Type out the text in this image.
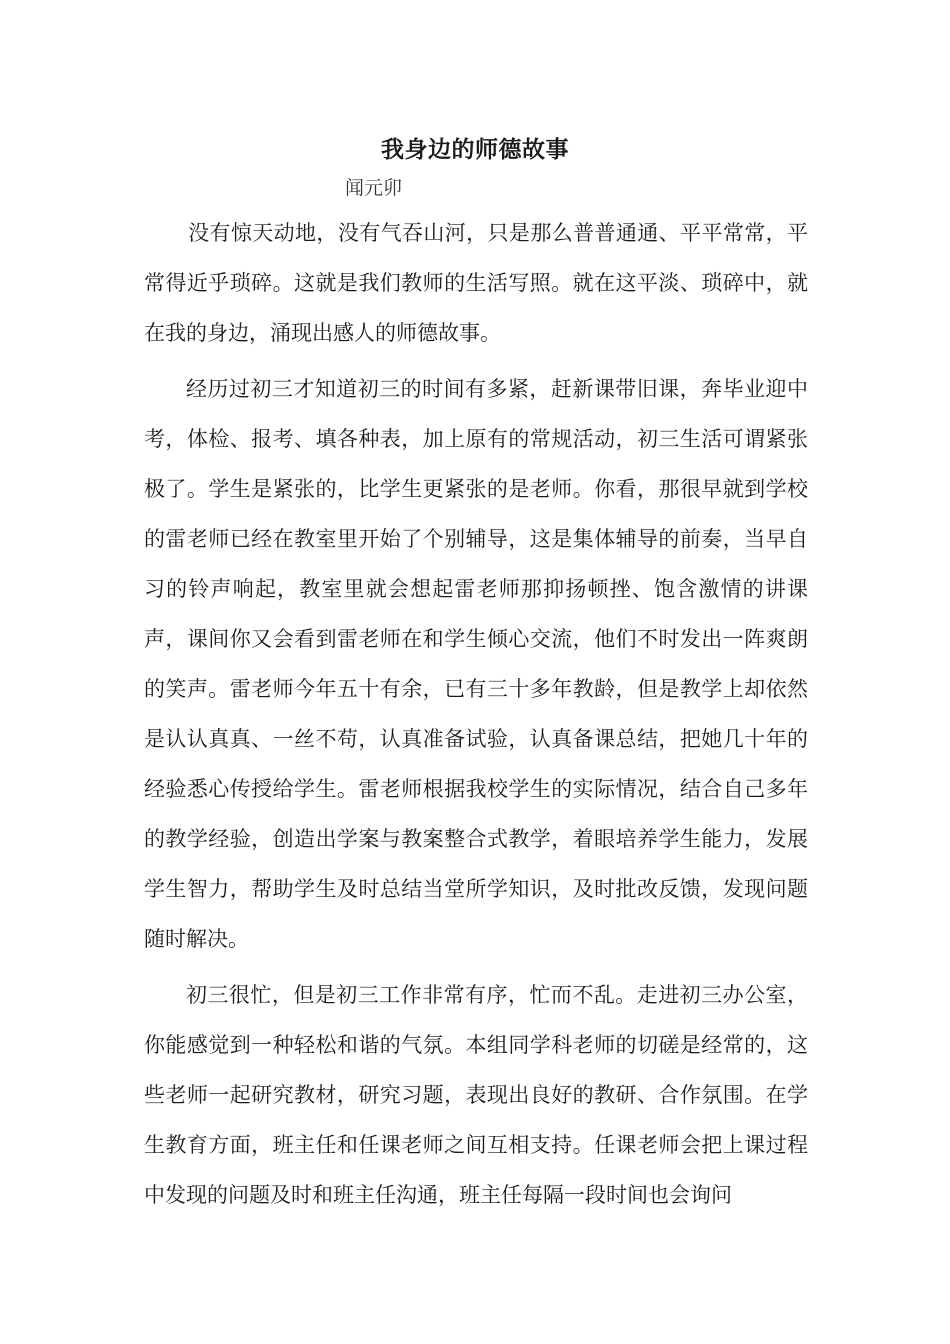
我身边的师德故事
闻元卯

没有惊天动地，没有气吞山河，只是那么普普通通、平平常常，平常得近乎琐碎。这就是我们教师的生活写照。就在这平淡、琐碎中，就在我的身边，涌现出感人的师德故事。

经历过初三才知道初三的时间有多紧，赶新课带旧课，奔毕业迎中考，体检、报考、填各种表，加上原有的常规活动，初三生活可谓紧张极了。学生是紧张的，比学生更紧张的是老师。你看，那很早就到学校的雷老师已经在教室里开始了个别辅导，这是集体辅导的前奏，当早自习的铃声响起，教室里就会想起雷老师那抑扬顿挫、饱含激情的讲课声，课间你又会看到雷老师在和学生倾心交流，他们不时发出一阵爽朗的笑声。雷老师今年五十有余，已有三十多年教龄，但是教学上却依然是认认真真、一丝不苟，认真准备试验，认真备课总结，把她几十年的经验悉心传授给学生。雷老师根据我校学生的实际情况，结合自己多年的教学经验，创造出学案与教案整合式教学，着眼培养学生能力，发展学生智力，帮助学生及时总结当堂所学知识，及时批改反馈，发现问题随时解决。

初三很忙，但是初三工作非常有序，忙而不乱。走进初三办公室，你能感觉到一种轻松和谐的气氛。本组同学科老师的切磋是经常的，这些老师一起研究教材，研究习题，表现出良好的教研、合作氛围。在学生教育方面，班主任和任课老师之间互相支持。任课老师会把上课过程中发现的问题及时和班主任沟通，班主任每隔一段时间也会询问
